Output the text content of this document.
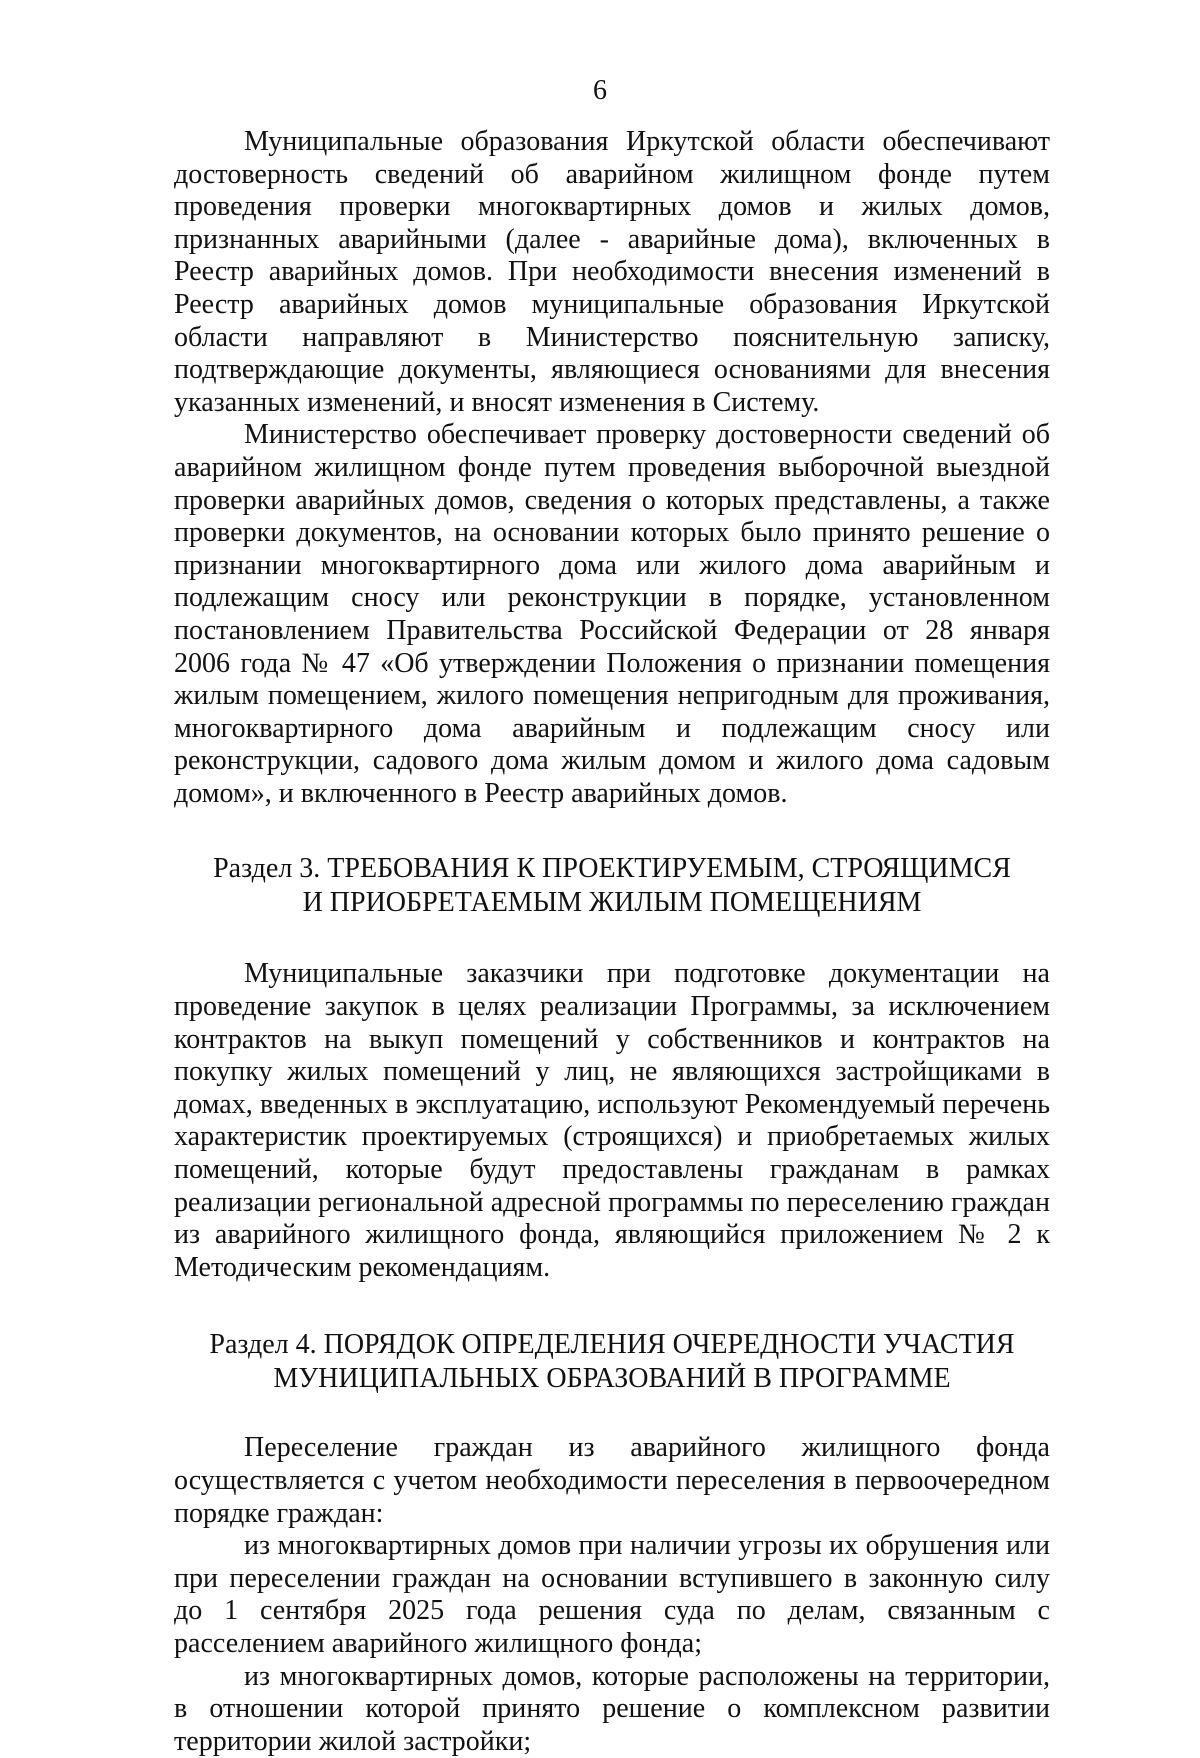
6

Муниципальные образования Иркутской области обеспечивают достоверность сведений об аварийном жилищном фонде путем проведения проверки многоквартирных домов и жилых домов, признанных аварийными (далее - аварийные дома), включенных в Реестр аварийных домов. При необходимости внесения изменений в Реестр аварийных домов муниципальные образования Иркутской области направляют в Министерство пояснительную записку, подтверждающие документы, являющиеся основаниями для внесения указанных изменений, и вносят изменения в Систему.

Министерство обеспечивает проверку достоверности сведений об аварийном жилищном фонде путем проведения выборочной выездной проверки аварийных домов, сведения о которых представлены, а также проверки документов, на основании которых было принято решение о признании многоквартирного дома или жилого дома аварийным и подлежащим сносу или реконструкции в порядке, установленном постановлением Правительства Российской Федерации от 28 января 2006 года № 47 «Об утверждении Положения о признании помещения жилым помещением, жилого помещения непригодным для проживания, многоквартирного дома аварийным и подлежащим сносу или реконструкции, садового дома жилым домом и жилого дома садовым домом», и включенного в Реестр аварийных домов.

Раздел 3. ТРЕБОВАНИЯ К ПРОЕКТИРУЕМЫМ, СТРОЯЩИМСЯ
И ПРИОБРЕТАЕМЫМ ЖИЛЫМ ПОМЕЩЕНИЯМ

Муниципальные заказчики при подготовке документации на проведение закупок в целях реализации Программы, за исключением контрактов на выкуп помещений у собственников и контрактов на покупку жилых помещений у лиц, не являющихся застройщиками в домах, введенных в эксплуатацию, используют Рекомендуемый перечень характеристик проектируемых (строящихся) и приобретаемых жилых помещений, которые будут предоставлены гражданам в рамках реализации региональной адресной программы по переселению граждан из аварийного жилищного фонда, являющийся приложением № 2 к Методическим рекомендациям.

Раздел 4. ПОРЯДОК ОПРЕДЕЛЕНИЯ ОЧЕРЕДНОСТИ УЧАСТИЯ
МУНИЦИПАЛЬНЫХ ОБРАЗОВАНИЙ В ПРОГРАММЕ

Переселение граждан из аварийного жилищного фонда осуществляется с учетом необходимости переселения в первоочередном порядке граждан:

из многоквартирных домов при наличии угрозы их обрушения или при переселении граждан на основании вступившего в законную силу до 1 сентября 2025 года решения суда по делам, связанным с расселением аварийного жилищного фонда;

из многоквартирных домов, которые расположены на территории, в отношении которой принято решение о комплексном развитии территории жилой застройки;
